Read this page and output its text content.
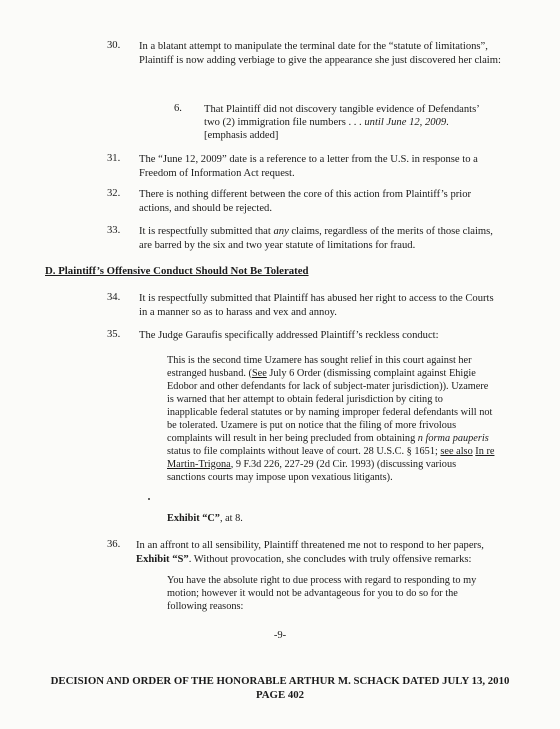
30. In a blatant attempt to manipulate the terminal date for the “statute of limitations”, Plaintiff is now adding verbiage to give the appearance she just discovered her claim:
6. That Plaintiff did not discovery tangible evidence of Defendants’ two (2) immigration file numbers . . . until June 12, 2009.
[emphasis added]
31. The “June 12, 2009” date is a reference to a letter from the U.S. in response to a Freedom of Information Act request.
32. There is nothing different between the core of this action from Plaintiff’s prior actions, and should be rejected.
33. It is respectfully submitted that any claims, regardless of the merits of those claims, are barred by the six and two year statute of limitations for fraud.
D. Plaintiff’s Offensive Conduct Should Not Be Tolerated
34. It is respectfully submitted that Plaintiff has abused her right to access to the Courts in a manner so as to harass and vex and annoy.
35. The Judge Garaufis specifically addressed Plaintiff’s reckless conduct:
This is the second time Uzamere has sought relief in this court against her estranged husband. (See July 6 Order (dismissing complaint against Ehigie Edobor and other defendants for lack of subject-mater jurisdiction)). Uzamere is warned that her attempt to obtain federal jurisdiction by citing to inapplicable federal statutes or by naming improper federal defendants will not be tolerated. Uzamere is put on notice that the filing of more frivolous complaints will result in her being precluded from obtaining n forma pauperis status to file complaints without leave of court. 28 U.S.C. § 1651; see also In re Martin-Trigona, 9 F.3d 226, 227-29 (2d Cir. 1993) (discussing various sanctions courts may impose upon vexatious litigants).
Exhibit “C”, at 8.
36. In an affront to all sensibility, Plaintiff threatened me not to respond to her papers, Exhibit “S”. Without provocation, she concludes with truly offensive remarks:
You have the absolute right to due process with regard to responding to my motion; however it would not be advantageous for you to do so for the following reasons:
-9-
DECISION AND ORDER OF THE HONORABLE ARTHUR M. SCHACK DATED JULY 13, 2010
PAGE 402
